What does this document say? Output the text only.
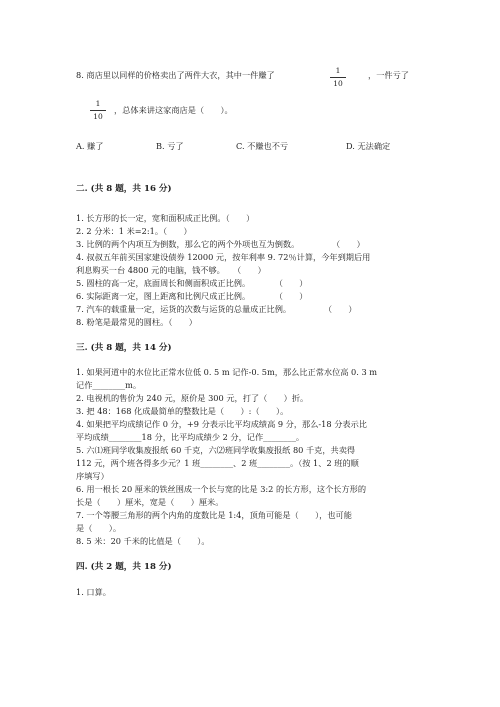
8. 商店里以同样的价格卖出了两件大衣，其中一件赚了	1
10
，一件亏了
1
10
，总体来讲这家商店是（　　）。
A. 赚了	B. 亏了	C. 不赚也不亏	D. 无法确定
二. (共 8 题，共 16 分)
1. 长方形的长一定，宽和面积成正比例。（　　）
2. 2 分米：1 米=2:1。（　　）
3. 比例的两个内项互为倒数，那么它的两个外项也互为倒数。　　　　　（　　）
4. 叔叔五年前买国家建设债券 12000 元，按年利率 9. 72％计算，今年到期后用
利息购买一台 4800 元的电脑，钱不够。　　（　　）
5. 圆柱的高一定，底面周长和侧面积成正比例。　　　　（　　）
6. 实际距离一定，图上距离和比例尺成正比例。　　　　（　　）
7. 汽车的载重量一定，运货的次数与运货的总量成正比例。　　　　　（　　）
8. 粉笔是最常见的圆柱。（　　）
三. (共 8 题，共 14 分)
1. 如果河道中的水位比正常水位低 0. 5 m 记作-0. 5m，那么比正常水位高 0. 3 m
记作________m。
2. 电视机的售价为 240 元，原价是 300 元，打了（　　）折。
3. 把 48：168 化成最简单的整数比是（　　）:（　　）。
4. 如果把平均成绩记作 0 分，+9 分表示比平均成绩高 9 分，那么-18 分表示比
平均成绩________18 分，比平均成绩少 2 分，记作________。
5. 六⑴班同学收集废报纸 60 千克，六⑵班同学收集废报纸 80 千克，共卖得
112 元，两个班各得多少元？1 班________、2 班________。（按 1、2 班的顺
序填写）
6. 用一根长 20 厘米的铁丝围成一个长与宽的比是 3:2 的长方形，这个长方形的
长是（　　）厘米，宽是（　　）厘米。
7. 一个等腰三角形的两个内角的度数比是 1:4，顶角可能是（　　），也可能
是（　　）。
8. 5 米：20 千米的比值是（　　）。
四. (共 2 题，共 18 分)
1. 口算。
